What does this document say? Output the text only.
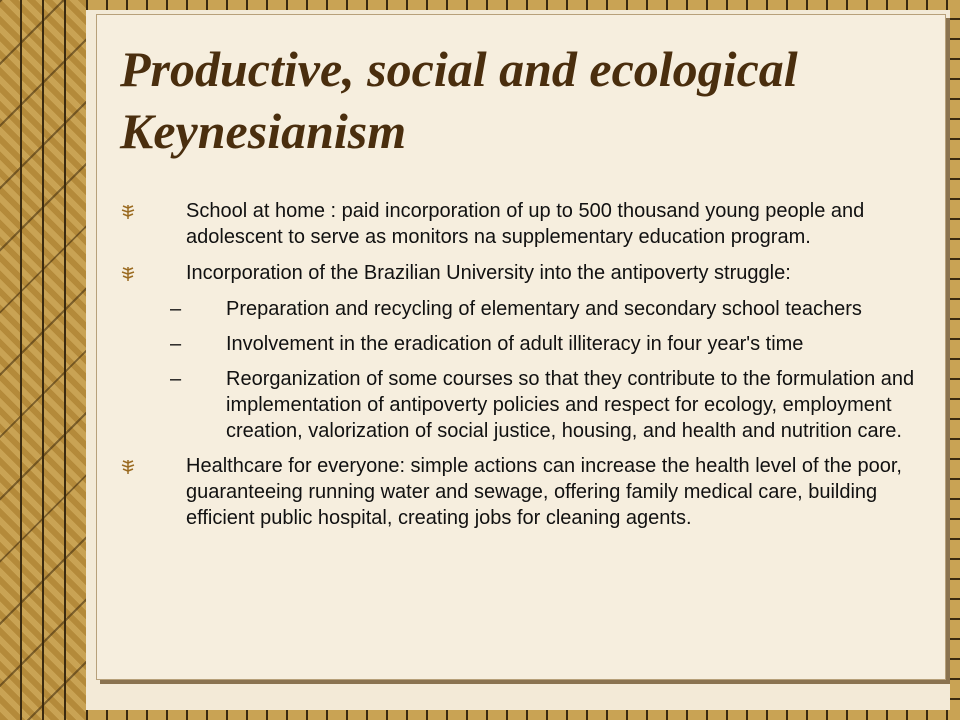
Productive, social and ecological Keynesianism
School at home : paid incorporation of up to 500 thousand young people and adolescent to serve as monitors na supplementary education program.
Incorporation of the Brazilian University into the antipoverty struggle:
– Preparation and recycling of elementary and secondary school teachers
– Involvement in the eradication of adult illiteracy in four year's time
– Reorganization of some courses so that they contribute to the formulation and implementation of antipoverty policies and respect for ecology, employment creation, valorization of social justice, housing, and health and nutrition care.
Healthcare for everyone: simple actions can increase the health level of the poor, guaranteeing running water and sewage, offering family medical care, building efficient public hospital, creating jobs for cleaning agents.
